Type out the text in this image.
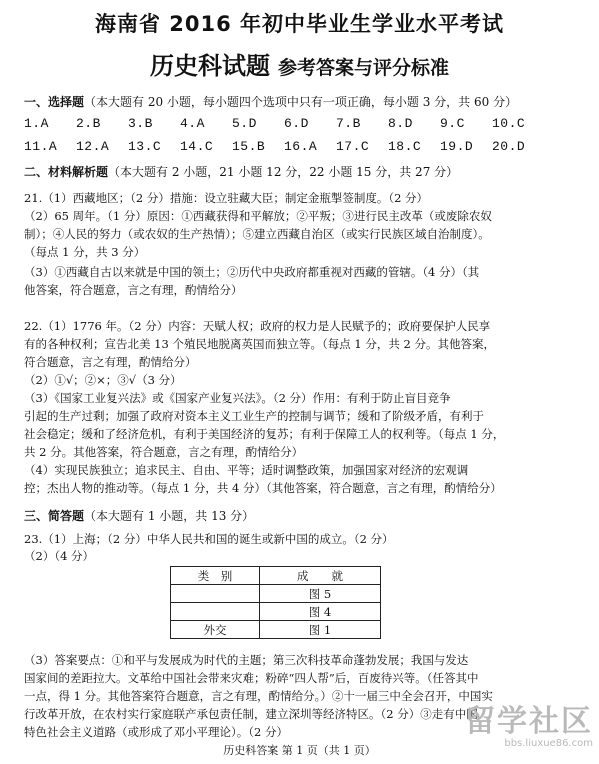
海南省 2016 年初中毕业生学业水平考试
历史科试题 参考答案与评分标准
一、选择题（本大题有 20 小题，每小题四个选项中只有一项正确，每小题 3 分，共 60 分）
1.A 2.B 3.B 4.A 5.D 6.D 7.B 8.D 9.C 10.C
11.A 12.A 13.C 14.C 15.B 16.A 17.C 18.C 19.D 20.D
二、材料解析题（本大题有 2 小题，21 小题 12 分，22 小题 15 分，共 27 分）
21.（1）西藏地区；（2 分）措施：设立驻藏大臣；制定金瓶掣签制度。（2 分）
（2）65 周年。（1 分）原因：①西藏获得和平解放；②平叛；③进行民主改革（或废除农奴
制）；④人民的努力（或农奴的生产热情）；⑤建立西藏自治区（或实行民族区域自治制度）。
（每点 1 分，共 3 分）
（3）①西藏自古以来就是中国的领土；②历代中央政府都重视对西藏的管辖。（4 分）（其
他答案，符合题意，言之有理，酌情给分）
22.（1）1776 年。（2 分）内容：天赋人权；政府的权力是人民赋予的；政府要保护人民享
有的各种权利；宣告北美 13 个殖民地脱离英国而独立等。（每点 1 分，共 2 分。其他答案，
符合题意，言之有理，酌情给分）
（2）①√；②×；③√（3 分）
（3）《国家工业复兴法》或《国家产业复兴法》。（2 分）作用：有利于防止盲目竞争
引起的生产过剩；加强了政府对资本主义工业生产的控制与调节；缓和了阶级矛盾，有利于
社会稳定；缓和了经济危机，有利于美国经济的复苏；有利于保障工人的权利等。（每点 1 分，
共 2 分。其他答案，符合题意，言之有理，酌情给分）
（4）实现民族独立；追求民主、自由、平等；适时调整政策，加强国家对经济的宏观调
控；杰出人物的推动等。（每点 1 分，共 4 分）（其他答案，符合题意，言之有理，酌情给分）
三、简答题（本大题有 1 小题，共 13 分）
23.（1）上海；（2 分）中华人民共和国的诞生或新中国的成立。（2 分）
（2）（4 分）
类　别	成　　就
	图 5
	图 4
外交	图 1
（3）答案要点：①和平与发展成为时代的主题；第三次科技革命蓬勃发展；我国与发达
国家间的差距拉大。文革给中国社会带来灾难；粉碎“四人帮”后，百废待兴等。（任答其中
一点，得 1 分。其他答案符合题意，言之有理，酌情给分。）②十一届三中全会召开，中国实
行改革开放，在农村实行家庭联产承包责任制，建立深圳等经济特区。（2 分）③走有中国
特色社会主义道路（或形成了邓小平理论）。（2 分）
历史科答案 第 1 页（共 1 页）
留学社区
bbs.liuxue86.com
